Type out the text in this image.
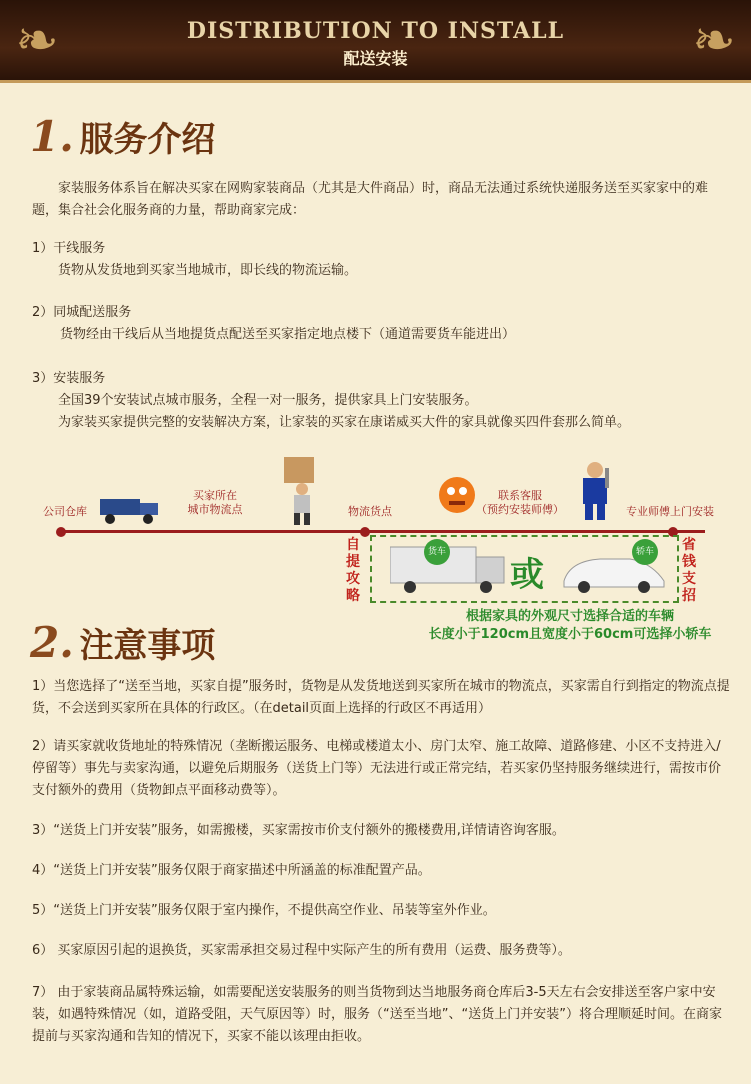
❧	❧
DISTRIBUTION TO INSTALL
配送安装
1. 服务介绍
家装服务体系旨在解决买家在网购家装商品（尤其是大件商品）时，商品无法通过系统快递服务送至买家家中的难题，集合社会化服务商的力量，帮助商家完成：
1）干线服务
货物从发货地到买家当地城市，即长线的物流运输。
2）同城配送服务
货物经由干线后从当地提货点配送至买家指定地点楼下（通道需要货车能进出）
3）安装服务
全国39个安装试点城市服务，全程一对一服务，提供家具上门安装服务。
为家装买家提供完整的安装解决方案，让家装的买家在康诺威买大件的家具就像买四件套那么简单。
公司仓库
买家所在
城市物流点	物流货点
联系客服
（预约安装师傅）	专业师傅上门安装
自提攻略
省钱支招
货车
或
轿车
根据家具的外观尺寸选择合适的车辆
长度小于120cm且宽度小于60cm可选择小轿车
2. 注意事项
1）当您选择了“送至当地，买家自提”服务时，货物是从发货地送到买家所在城市的物流点，买家需自行到指定的物流点提货，不会送到买家所在具体的行政区。（在detail页面上选择的行政区不再适用）
2）请买家就收货地址的特殊情况（垄断搬运服务、电梯或楼道太小、房门太窄、施工故障、道路修建、小区不支持进入/停留等）事先与卖家沟通，以避免后期服务（送货上门等）无法进行或正常完结，若买家仍坚持服务继续进行，需按市价支付额外的费用（货物卸点平面移动费等）。
3）“送货上门并安装”服务，如需搬楼，买家需按市价支付额外的搬楼费用,详情请咨询客服。
4）“送货上门并安装”服务仅限于商家描述中所涵盖的标准配置产品。
5）“送货上门并安装”服务仅限于室内操作，不提供高空作业、吊装等室外作业。
6） 买家原因引起的退换货，买家需承担交易过程中实际产生的所有费用（运费、服务费等）。
7） 由于家装商品属特殊运输，如需要配送安装服务的则当货物到达当地服务商仓库后3-5天左右会安排送至客户家中安装，如遇特殊情况（如，道路受阻，天气原因等）时，服务（“送至当地”、“送货上门并安装”）将合理顺延时间。在商家提前与买家沟通和告知的情况下，买家不能以该理由拒收。
